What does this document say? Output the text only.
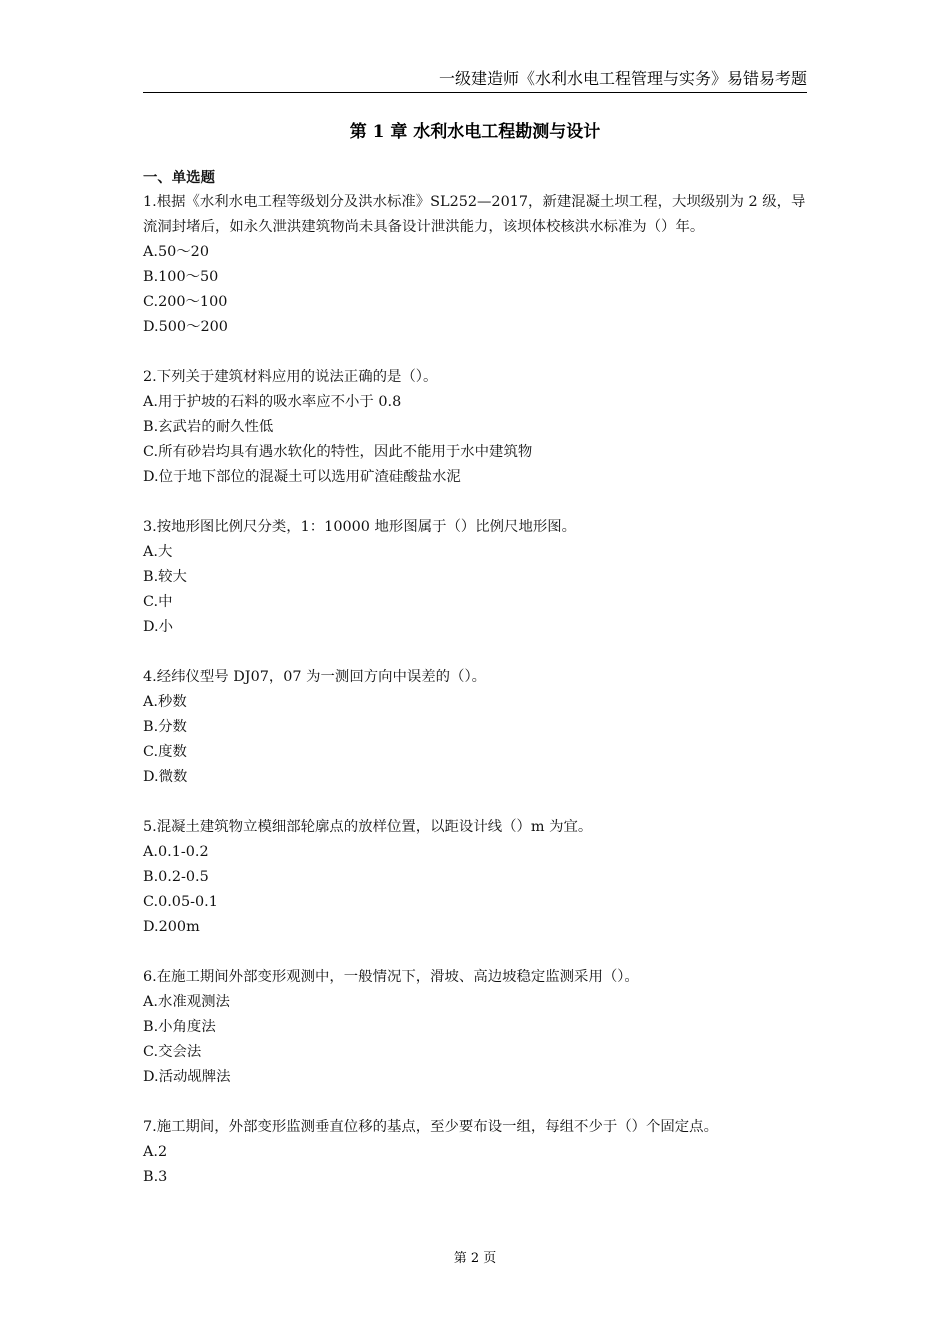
一级建造师《水利水电工程管理与实务》易错易考题
第 1 章 水利水电工程勘测与设计
一、单选题
1.根据《水利水电工程等级划分及洪水标准》SL252—2017，新建混凝土坝工程，大坝级别为 2 级，导流洞封堵后，如永久泄洪建筑物尚未具备设计泄洪能力，该坝体校核洪水标准为（）年。
A.50～20
B.100～50
C.200～100
D.500～200
2.下列关于建筑材料应用的说法正确的是（）。
A.用于护坡的石料的吸水率应不小于 0.8
B.玄武岩的耐久性低
C.所有砂岩均具有遇水软化的特性，因此不能用于水中建筑物
D.位于地下部位的混凝土可以选用矿渣硅酸盐水泥
3.按地形图比例尺分类，1：10000 地形图属于（）比例尺地形图。
A.大
B.较大
C.中
D.小
4.经纬仪型号 DJ07，07 为一测回方向中误差的（）。
A.秒数
B.分数
C.度数
D.微数
5.混凝土建筑物立模细部轮廓点的放样位置，以距设计线（）m 为宜。
A.0.1-0.2
B.0.2-0.5
C.0.05-0.1
D.200m
6.在施工期间外部变形观测中，一般情况下，滑坡、高边坡稳定监测采用（）。
A.水准观测法
B.小角度法
C.交会法
D.活动觇牌法
7.施工期间，外部变形监测垂直位移的基点，至少要布设一组，每组不少于（）个固定点。
A.2
B.3
第 2 页
